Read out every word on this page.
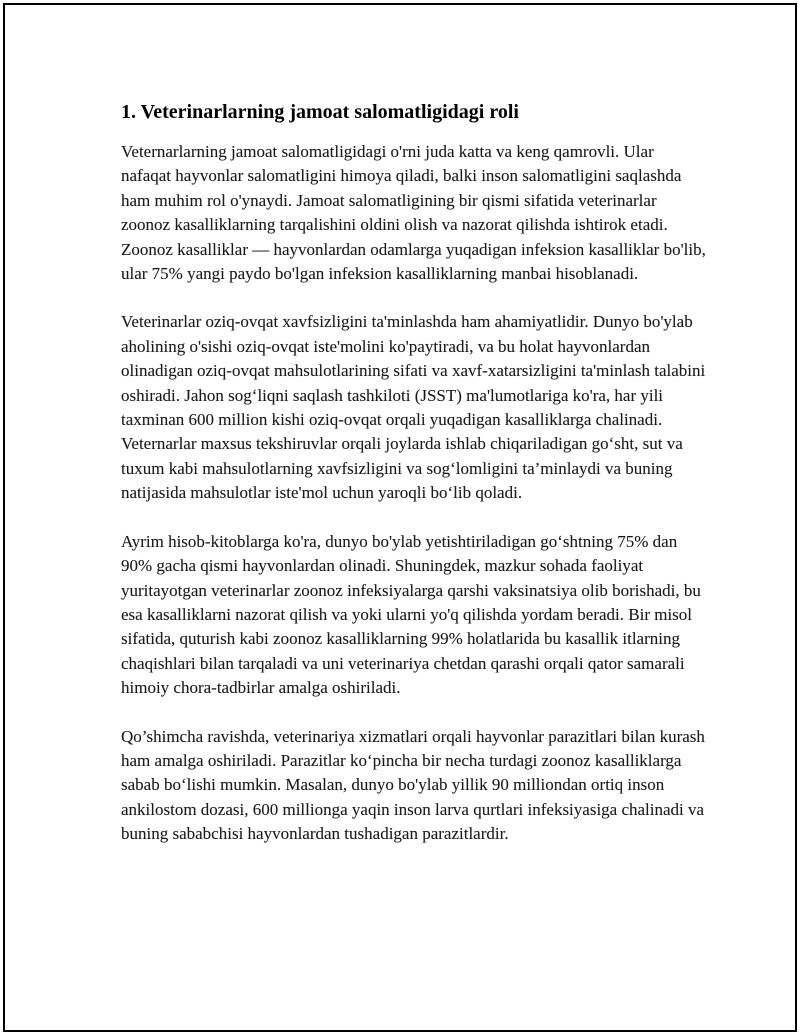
1. Veterinarlarning jamoat salomatligidagi roli

Veternarlarning jamoat salomatligidagi o'rni juda katta va keng qamrovli. Ular nafaqat hayvonlar salomatligini himoya qiladi, balki inson salomatligini saqlashda ham muhim rol o'ynaydi. Jamoat salomatligining bir qismi sifatida veterinarlar zoonoz kasalliklarning tarqalishini oldini olish va nazorat qilishda ishtirok etadi. Zoonoz kasalliklar — hayvonlardan odamlarga yuqadigan infeksion kasalliklar bo'lib, ular 75% yangi paydo bo'lgan infeksion kasalliklarning manbai hisoblanadi.

Veterinarlar oziq-ovqat xavfsizligini ta'minlashda ham ahamiyatlidir. Dunyo bo'ylab aholining o'sishi oziq-ovqat iste'molini ko'paytiradi, va bu holat hayvonlardan olinadigan oziq-ovqat mahsulotlarining sifati va xavf-xatarsizligini ta'minlash talabini oshiradi. Jahon sog‘liqni saqlash tashkiloti (JSST) ma'lumotlariga ko'ra, har yili taxminan 600 million kishi oziq-ovqat orqali yuqadigan kasalliklarga chalinadi. Veternarlar maxsus tekshiruvlar orqali joylarda ishlab chiqariladigan go‘sht, sut va tuxum kabi mahsulotlarning xavfsizligini va sog‘lomligini ta’minlaydi va buning natijasida mahsulotlar iste'mol uchun yaroqli bo‘lib qoladi.

Ayrim hisob-kitoblarga ko'ra, dunyo bo'ylab yetishtiriladigan go‘shtning 75% dan 90% gacha qismi hayvonlardan olinadi. Shuningdek, mazkur sohada faoliyat yuritayotgan veterinarlar zoonoz infeksiyalarga qarshi vaksinatsiya olib borishadi, bu esa kasalliklarni nazorat qilish va yoki ularni yo'q qilishda yordam beradi. Bir misol sifatida, quturish kabi zoonoz kasalliklarning 99% holatlarida bu kasallik itlarning chaqishlari bilan tarqaladi va uni veterinariya chetdan qarashi orqali qator samarali himoiy chora-tadbirlar amalga oshiriladi.

Qo’shimcha ravishda, veterinariya xizmatlari orqali hayvonlar parazitlari bilan kurash ham amalga oshiriladi. Parazitlar ko‘pincha bir necha turdagi zoonoz kasalliklarga sabab bo‘lishi mumkin. Masalan, dunyo bo'ylab yillik 90 milliondan ortiq inson ankilostom dozasi, 600 millionga yaqin inson larva qurtlari infeksiyasiga chalinadi va buning sababchisi hayvonlardan tushadigan parazitlardir.
